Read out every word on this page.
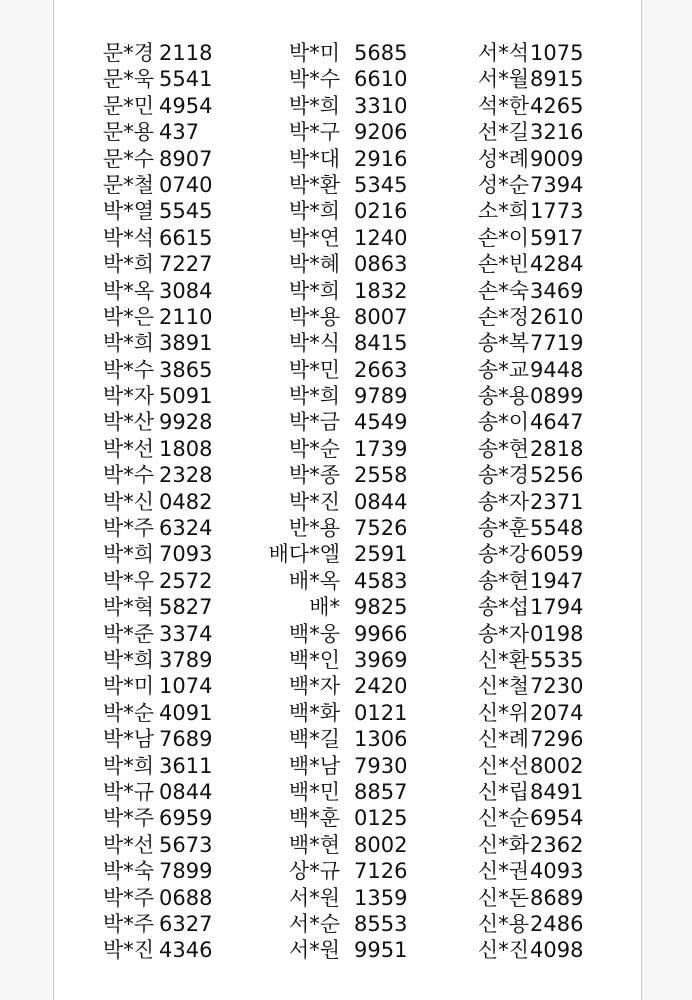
문*경 2118
문*욱 5541
문*민 4954
문*용 437
문*수 8907
문*철 0740
박*열 5545
박*석 6615
박*희 7227
박*옥 3084
박*은 2110
박*희 3891
박*수 3865
박*자 5091
박*산 9928
박*선 1808
박*수 2328
박*신 0482
박*주 6324
박*희 7093
박*우 2572
박*혁 5827
박*준 3374
박*희 3789
박*미 1074
박*순 4091
박*남 7689
박*희 3611
박*규 0844
박*주 6959
박*선 5673
박*숙 7899
박*주 0688
박*주 6327
박*진 4346
박*미 5685
박*수 6610
박*희 3310
박*구 9206
박*대 2916
박*환 5345
박*희 0216
박*연 1240
박*혜 0863
박*희 1832
박*용 8007
박*식 8415
박*민 2663
박*희 9789
박*금 4549
박*순 1739
박*종 2558
박*진 0844
반*용 7526
배다*엘 2591
배*옥 4583
배* 9825
백*웅 9966
백*인 3969
백*자 2420
백*화 0121
백*길 1306
백*남 7930
백*민 8857
백*훈 0125
백*현 8002
상*규 7126
서*원 1359
서*순 8553
서*원 9951
서*석 1075
서*월 8915
석*한 4265
선*길 3216
성*례 9009
성*순 7394
소*희 1773
손*이 5917
손*빈 4284
손*숙 3469
손*정 2610
송*복 7719
송*교 9448
송*용 0899
송*이 4647
송*현 2818
송*경 5256
송*자 2371
송*훈 5548
송*강 6059
송*현 1947
송*섭 1794
송*자 0198
신*환 5535
신*철 7230
신*위 2074
신*례 7296
신*선 8002
신*립 8491
신*순 6954
신*화 2362
신*권 4093
신*돈 8689
신*용 2486
신*진 4098
